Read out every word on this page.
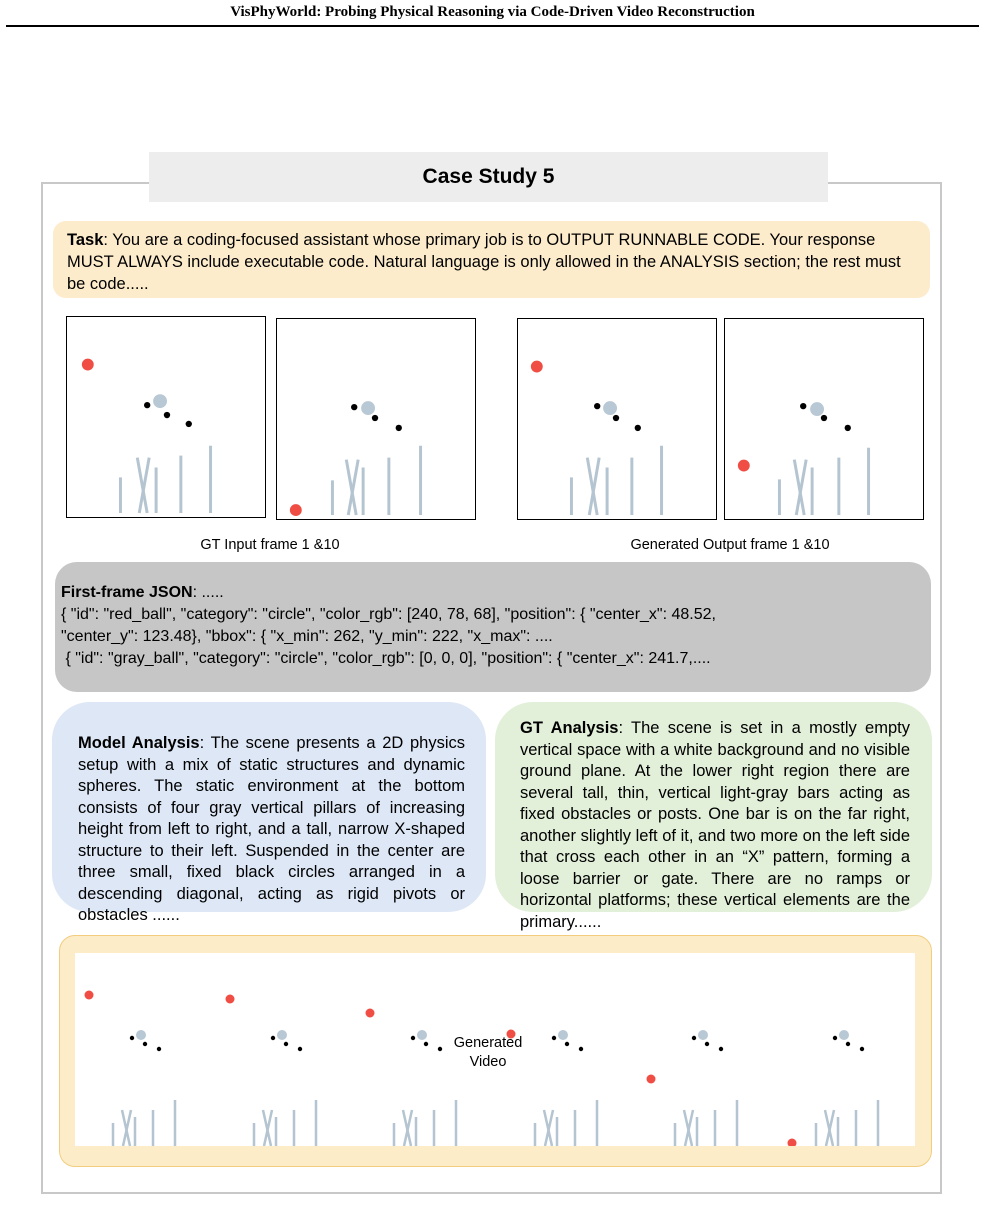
VisPhyWorld: Probing Physical Reasoning via Code-Driven Video Reconstruction
Case Study 5
Task: You are a coding-focused assistant whose primary job is to OUTPUT RUNNABLE CODE. Your response MUST ALWAYS include executable code. Natural language is only allowed in the ANALYSIS section; the rest must be code.....
GT Input frame 1 &10	Generated Output frame 1 &10
First-frame JSON: .....
{ "id": "red_ball", "category": "circle", "color_rgb": [240, 78, 68], "position": { "center_x": 48.52,
"center_y": 123.48}, "bbox": { "x_min": 262, "y_min": 222, "x_max": ....
{ "id": "gray_ball", "category": "circle", "color_rgb": [0, 0, 0], "position": { "center_x": 241.7,....
Model Analysis: The scene presents a 2D physics setup with a mix of static structures and dynamic spheres. The static environment at the bottom consists of four gray vertical pillars of increasing height from left to right, and a tall, narrow X-shaped structure to their left. Suspended in the center are three small, fixed black circles arranged in a descending diagonal, acting as rigid pivots or obstacles ......
GT Analysis: The scene is set in a mostly empty vertical space with a white background and no visible ground plane. At the lower right region there are several tall, thin, vertical light-gray bars acting as fixed obstacles or posts. One bar is on the far right, another slightly left of it, and two more on the left side that cross each other in an “X” pattern, forming a loose barrier or gate. There are no ramps or horizontal platforms; these vertical elements are the primary......
Generated
Video
